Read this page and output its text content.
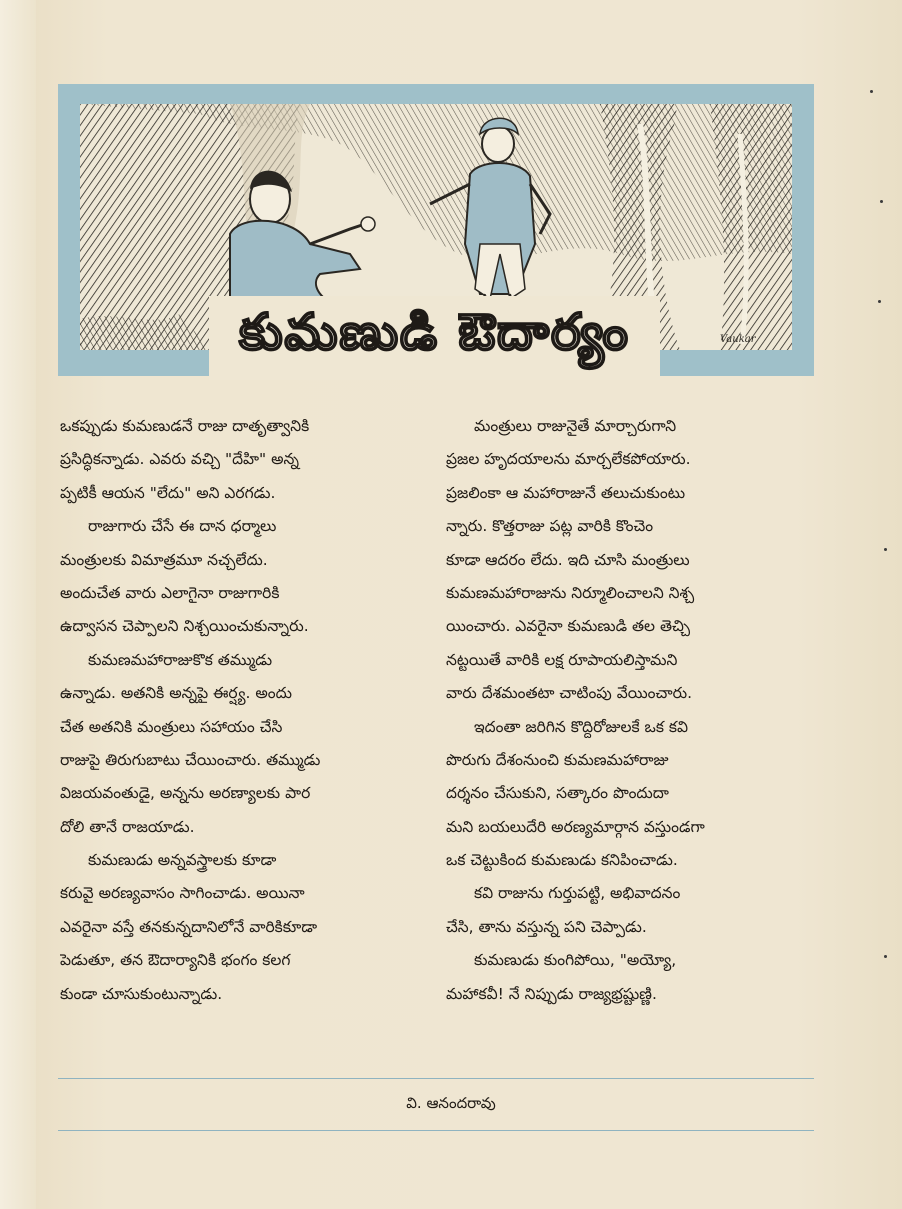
Vaukar
కుమణుడి ఔదార్యం
ఒకప్పుడు కుమణుడనే రాజు దాతృత్వానికి
ప్రసిద్ధికన్నాడు. ఎవరు వచ్చి "దేహి" అన్న
ప్పటికీ ఆయన "లేదు" అని ఎరగడు.
రాజుగారు చేసే ఈ దాన ధర్మాలు
మంత్రులకు విమాత్రమూ నచ్చలేదు.
అందుచేత వారు ఎలాగైనా రాజుగారికి
ఉద్వాసన చెప్పాలని నిశ్చయించుకున్నారు.
కుమణమహారాజుకొక తమ్ముడు
ఉన్నాడు. అతనికి అన్నపై ఈర్ష్య. అందు
చేత అతనికి మంత్రులు సహాయం చేసి
రాజుపై తిరుగుబాటు చేయించారు. తమ్ముడు
విజయవంతుడై, అన్నను అరణ్యాలకు పార
దోలి తానే రాజయాడు.
కుమణుడు అన్నవస్త్రాలకు కూడా
కరువై అరణ్యవాసం సాగించాడు. అయినా
ఎవరైనా వస్తే తనకున్నదానిలోనే వారికికూడా
పెడుతూ, తన ఔదార్యానికి భంగం కలగ
కుండా చూసుకుంటున్నాడు.
మంత్రులు రాజునైతే మార్చారుగాని
ప్రజల హృదయాలను మార్చలేకపోయారు.
ప్రజలింకా ఆ మహారాజునే తలుచుకుంటు
న్నారు. కొత్తరాజు పట్ల వారికి కొంచెం
కూడా ఆదరం లేదు. ఇది చూసి మంత్రులు
కుమణమహారాజును నిర్మూలించాలని నిశ్చ
యించారు. ఎవరైనా కుమణుడి తల తెచ్చి
నట్టయితే వారికి లక్ష రూపాయలిస్తామని
వారు దేశమంతటా చాటింపు వేయించారు.
ఇదంతా జరిగిన కొద్దిరోజులకే ఒక కవి
పొరుగు దేశంనుంచి కుమణమహారాజు
దర్శనం చేసుకుని, సత్కారం పొందుదా
మని బయలుదేరి అరణ్యమార్గాన వస్తుండగా
ఒక చెట్టుకింద కుమణుడు కనిపించాడు.
కవి రాజును గుర్తుపట్టి, అభివాదనం
చేసి, తాను వస్తున్న పని చెప్పాడు.
కుమణుడు కుంగిపోయి, "అయ్యో,
మహాకవీ! నే నిప్పుడు రాజ్యభ్రష్టుణ్ణి.
వి. ఆనందరావు
